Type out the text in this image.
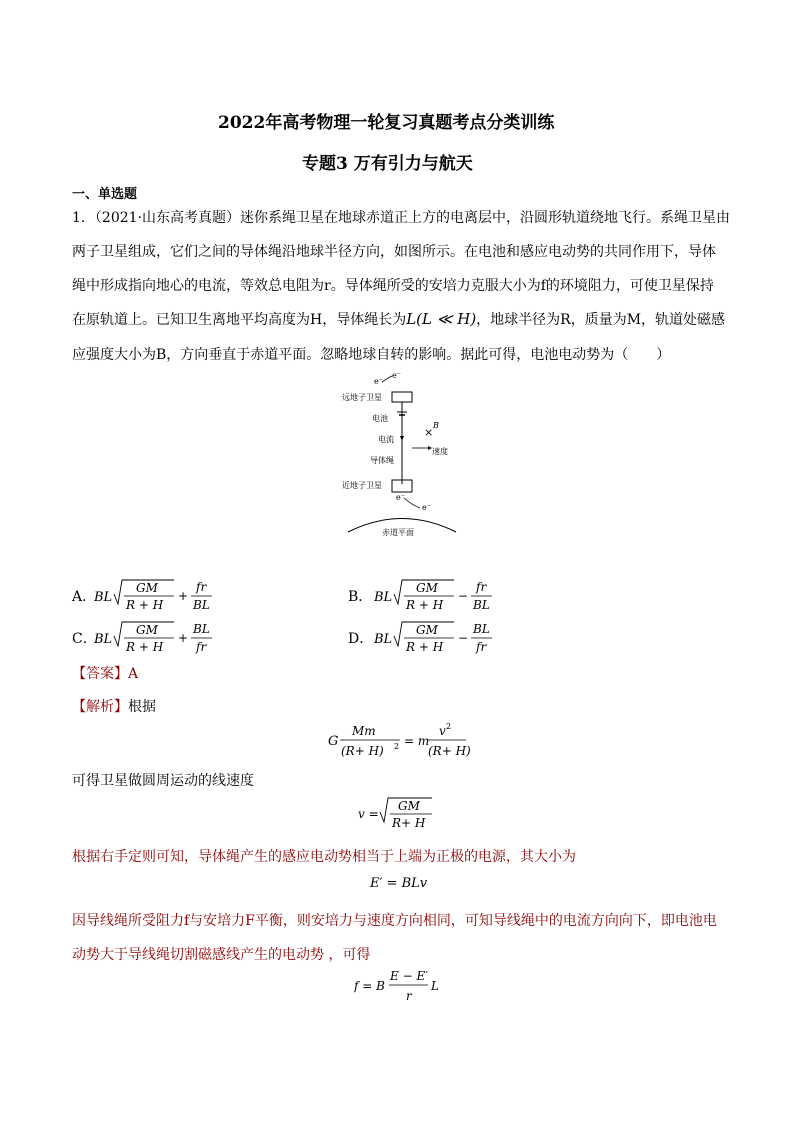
2022年高考物理一轮复习真题考点分类训练
专题3 万有引力与航天
一、单选题
1．（2021·山东高考真题）迷你系绳卫星在地球赤道正上方的电离层中，沿圆形轨道绕地飞行。系绳卫星由
两子卫星组成，它们之间的导体绳沿地球半径方向，如图所示。在电池和感应电动势的共同作用下，导体
绳中形成指向地心的电流，等效总电阻为r。导体绳所受的安培力克服大小为f的环境阻力，可使卫星保持
在原轨道上。已知卫生离地平均高度为H，导体绳长为L(L ≪ H)，地球半径为R，质量为M，轨道处磁感
应强度大小为B，方向垂直于赤道平面。忽略地球自转的影响。据此可得，电池电动势为（　　）
e⁻
e⁻
远地子卫星
电池
电流
×
B
速度
导体绳
近地子卫星
e⁻
e⁻
赤道平面
A．
BL
GM
R + H
+
fr
BL	B． BL
GM
R + H
−
fr
BL
C．
BL
GM
R + H
+
BL
fr	D． BL
GM
R + H
−
BL
fr
【答案】A
【解析】根据
G
Mm
(R+ H) 2 = m
v 2
(R+ H)
可得卫星做圆周运动的线速度
v =
GM
R+ H
根据右手定则可知，导体绳产生的感应电动势相当于上端为正极的电源，其大小为
E′ = BLv
因导线绳所受阻力f与安培力F平衡，则安培力与速度方向相同，可知导线绳中的电流方向向下，即电池电
动势大于导线绳切割磁感线产生的电动势 ，可得
f = B
E − E′
r
L
